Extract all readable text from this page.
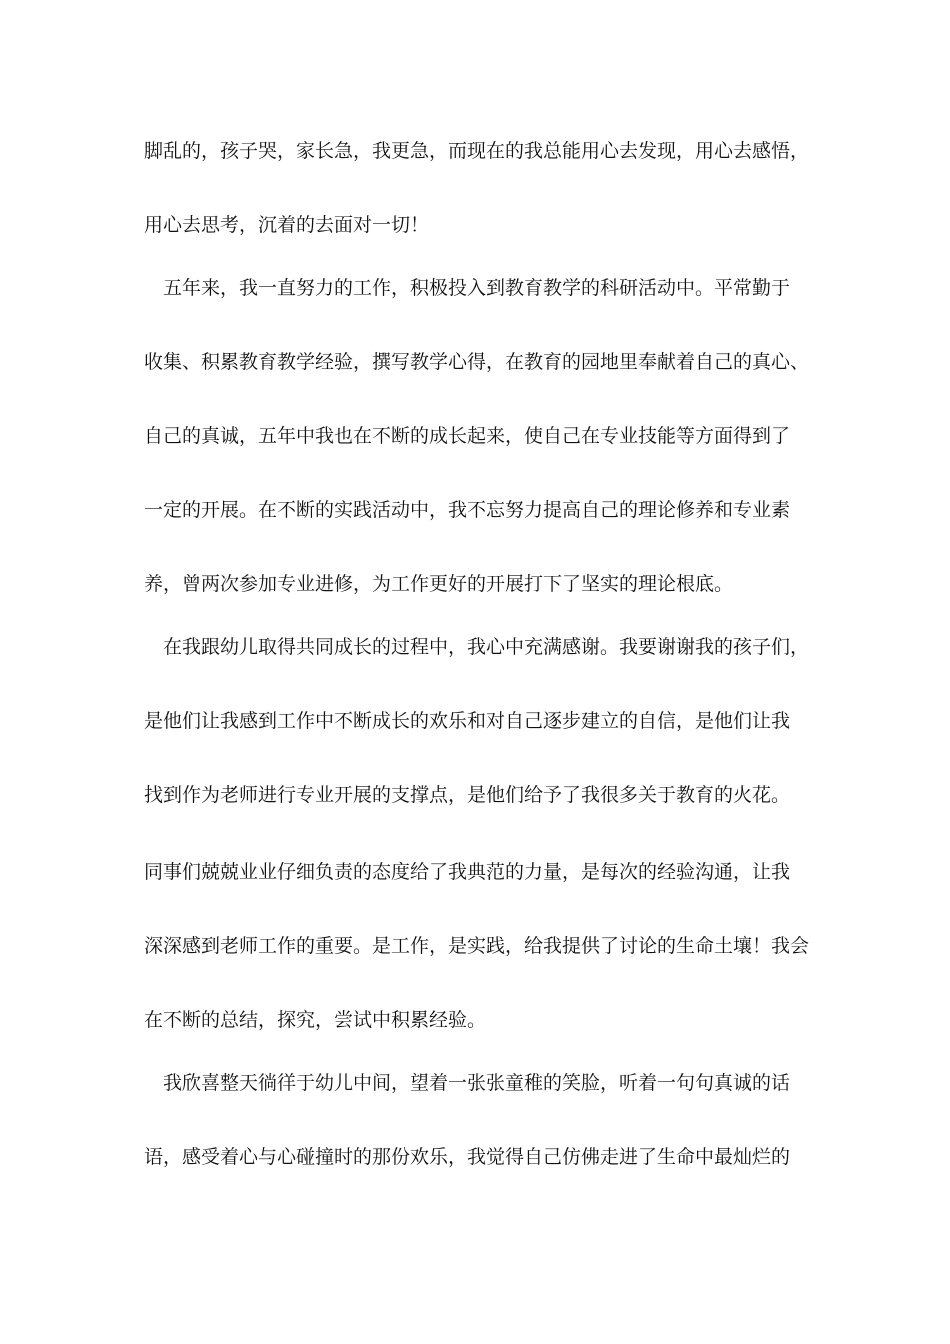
脚乱的，孩子哭，家长急，我更急，而现在的我总能用心去发现，用心去感悟，
用心去思考，沉着的去面对一切！
　五年来，我一直努力的工作，积极投入到教育教学的科研活动中。平常勤于
收集、积累教育教学经验，撰写教学心得，在教育的园地里奉献着自己的真心、
自己的真诚，五年中我也在不断的成长起来，使自己在专业技能等方面得到了
一定的开展。在不断的实践活动中，我不忘努力提高自己的理论修养和专业素
养，曾两次参加专业进修，为工作更好的开展打下了坚实的理论根底。
　在我跟幼儿取得共同成长的过程中，我心中充满感谢。我要谢谢我的孩子们，
是他们让我感到工作中不断成长的欢乐和对自己逐步建立的自信，是他们让我
找到作为老师进行专业开展的支撑点，是他们给予了我很多关于教育的火花。
同事们兢兢业业仔细负责的态度给了我典范的力量，是每次的经验沟通，让我
深深感到老师工作的重要。是工作，是实践，给我提供了讨论的生命土壤！我会
在不断的总结，探究，尝试中积累经验。
　我欣喜整天徜徉于幼儿中间，望着一张张童稚的笑脸，听着一句句真诚的话
语，感受着心与心碰撞时的那份欢乐，我觉得自己仿佛走进了生命中最灿烂的
